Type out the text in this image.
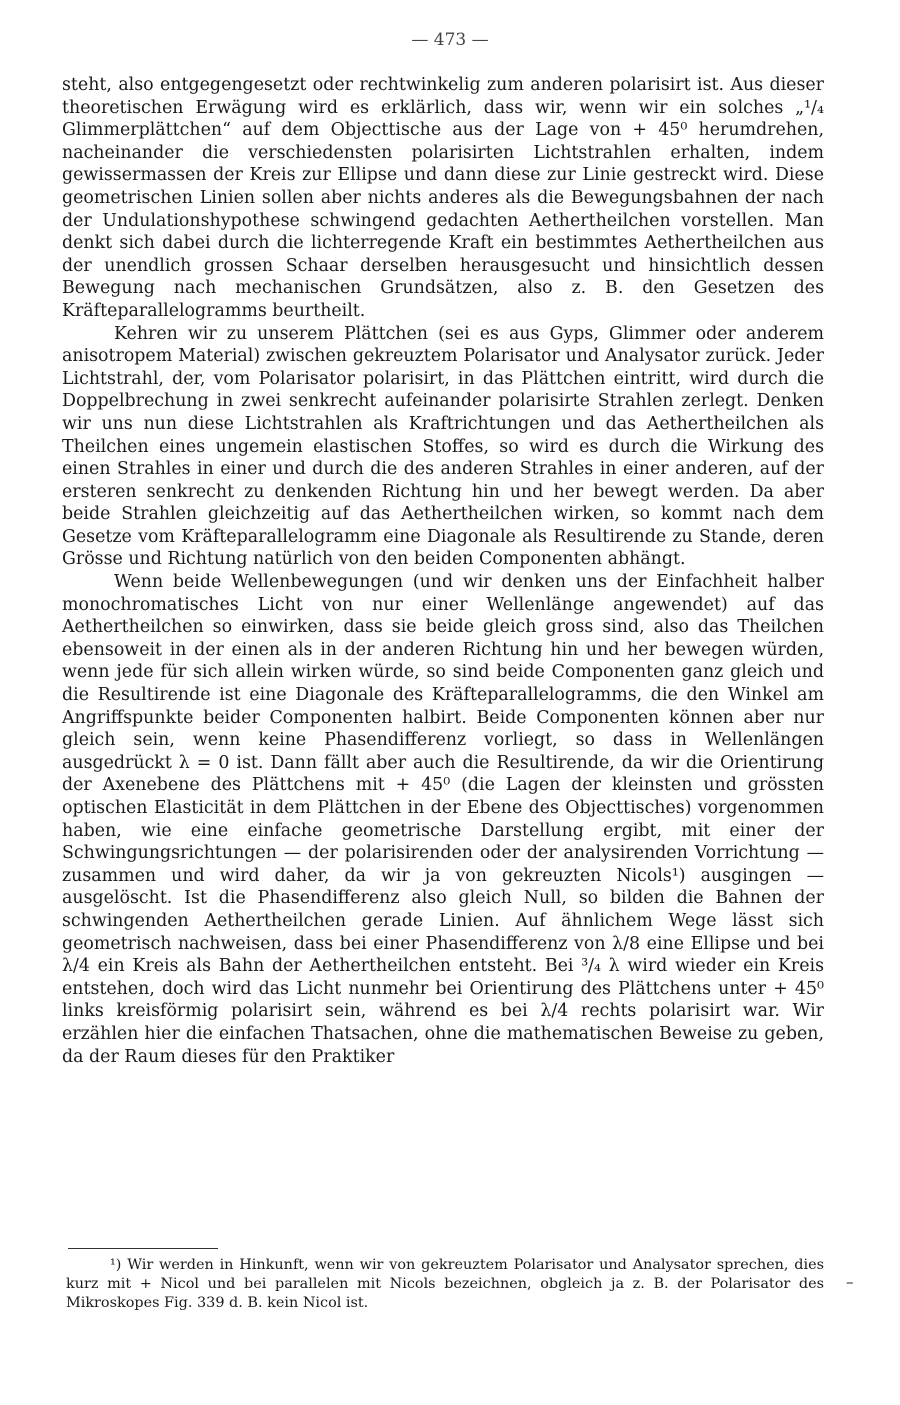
— 473 —

steht, also entgegengesetzt oder rechtwinkelig zum anderen polarisirt ist. Aus dieser theoretischen Erwägung wird es erklärlich, dass wir, wenn wir ein solches „¹/₄ Glimmerplättchen“ auf dem Objecttische aus der Lage von + 45⁰ herumdrehen, nacheinander die verschiedensten polarisirten Lichtstrahlen erhalten, indem gewissermassen der Kreis zur Ellipse und dann diese zur Linie gestreckt wird. Diese geometrischen Linien sollen aber nichts anderes als die Bewegungsbahnen der nach der Undulationshypothese schwingend gedachten Aethertheilchen vorstellen. Man denkt sich dabei durch die lichterregende Kraft ein bestimmtes Aethertheilchen aus der unendlich grossen Schaar derselben herausgesucht und hinsichtlich dessen Bewegung nach mechanischen Grundsätzen, also z. B. den Gesetzen des Kräfteparallelogramms beurtheilt.

Kehren wir zu unserem Plättchen (sei es aus Gyps, Glimmer oder anderem anisotropem Material) zwischen gekreuztem Polarisator und Analysator zurück. Jeder Lichtstrahl, der, vom Polarisator polarisirt, in das Plättchen eintritt, wird durch die Doppelbrechung in zwei senkrecht aufeinander polarisirte Strahlen zerlegt. Denken wir uns nun diese Lichtstrahlen als Kraftrichtungen und das Aethertheilchen als Theilchen eines ungemein elastischen Stoffes, so wird es durch die Wirkung des einen Strahles in einer und durch die des anderen Strahles in einer anderen, auf der ersteren senkrecht zu denkenden Richtung hin und her bewegt werden. Da aber beide Strahlen gleichzeitig auf das Aethertheilchen wirken, so kommt nach dem Gesetze vom Kräfteparallelogramm eine Diagonale als Resultirende zu Stande, deren Grösse und Richtung natürlich von den beiden Componenten abhängt.

Wenn beide Wellenbewegungen (und wir denken uns der Einfachheit halber monochromatisches Licht von nur einer Wellenlänge angewendet) auf das Aethertheilchen so einwirken, dass sie beide gleich gross sind, also das Theilchen ebensoweit in der einen als in der anderen Richtung hin und her bewegen würden, wenn jede für sich allein wirken würde, so sind beide Componenten ganz gleich und die Resultirende ist eine Diagonale des Kräfteparallelogramms, die den Winkel am Angriffspunkte beider Componenten halbirt. Beide Componenten können aber nur gleich sein, wenn keine Phasendifferenz vorliegt, so dass in Wellenlängen ausgedrückt λ = 0 ist. Dann fällt aber auch die Resultirende, da wir die Orientirung der Axenebene des Plättchens mit + 45⁰ (die Lagen der kleinsten und grössten optischen Elasticität in dem Plättchen in der Ebene des Objecttisches) vorgenommen haben, wie eine einfache geometrische Darstellung ergibt, mit einer der Schwingungsrichtungen — der polarisirenden oder der analysirenden Vorrichtung — zusammen und wird daher, da wir ja von gekreuzten Nicols¹) ausgingen — ausgelöscht. Ist die Phasendifferenz also gleich Null, so bilden die Bahnen der schwingenden Aethertheilchen gerade Linien. Auf ähnlichem Wege lässt sich geometrisch nachweisen, dass bei einer Phasendifferenz von λ/8 eine Ellipse und bei λ/4 ein Kreis als Bahn der Aethertheilchen entsteht. Bei ³/₄ λ wird wieder ein Kreis entstehen, doch wird das Licht nunmehr bei Orientirung des Plättchens unter + 45⁰ links kreisförmig polarisirt sein, während es bei λ/4 rechts polarisirt war. Wir erzählen hier die einfachen Thatsachen, ohne die mathematischen Beweise zu geben, da der Raum dieses für den Praktiker

¹) Wir werden in Hinkunft, wenn wir von gekreuztem Polarisator und Analysator sprechen, dies kurz mit + Nicol und bei parallelen mit Nicols bezeichnen, obgleich ja z. B. der Polarisator des Mikroskopes Fig. 339 d. B. kein Nicol ist.

–
